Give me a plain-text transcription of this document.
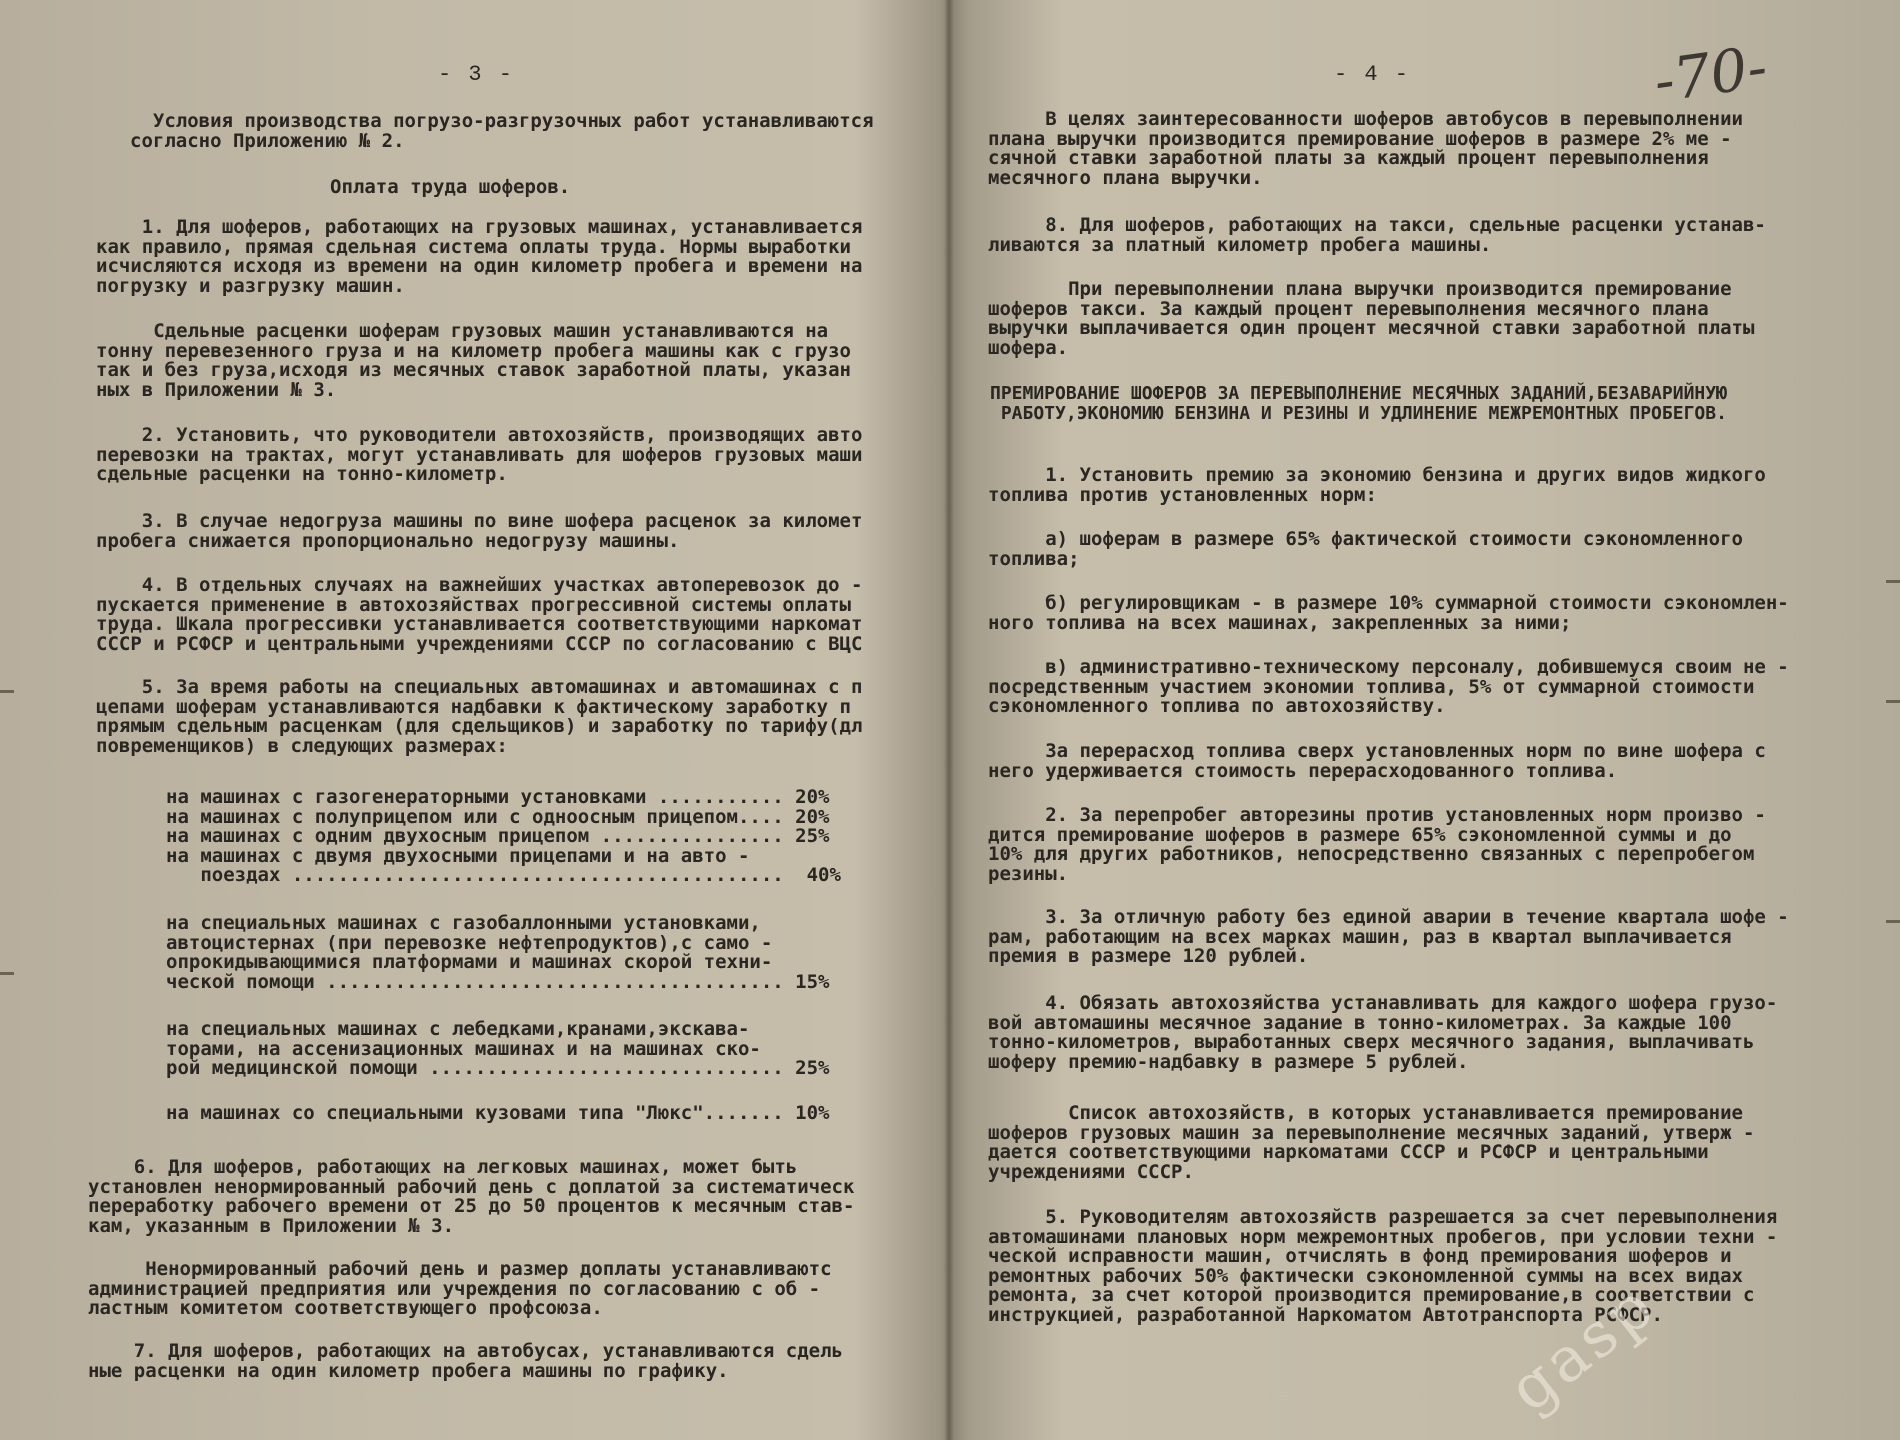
- 3 -
Условия производства погрузо-разгрузочных работ устанавливаются
согласно Приложению № 2.
Оплата труда шоферов.
1. Для шоферов, работающих на грузовых машинах, устанавливается
как правило, прямая сдельная система оплаты труда. Нормы выработки
исчисляются исходя из времени на один километр пробега и времени на
погрузку и разгрузку машин.
Сдельные расценки шоферам грузовых машин устанавливаются на
тонну перевезенного груза и на километр пробега машины как с грузо
так и без груза,исходя из месячных ставок заработной платы, указан
ных в Приложении № 3.
2. Установить, что руководители автохозяйств, производящих авто
перевозки на трактах, могут устанавливать для шоферов грузовых маши
сдельные расценки на тонно-километр.
3. В случае недогруза машины по вине шофера расценок за километ
пробега снижается пропорционально недогрузу машины.
4. В отдельных случаях на важнейших участках автоперевозок до -
пускается применение в автохозяйствах прогрессивной системы оплаты
труда. Шкала прогрессивки устанавливается соответствующими наркомат
СССР и РСФСР и центральными учреждениями СССР по согласованию с ВЦС
5. За время работы на специальных автомашинах и автомашинах с п
цепами шоферам устанавливаются надбавки к фактическому заработку п
прямым сдельным расценкам (для сдельщиков) и заработку по тарифу(дл
повременщиков) в следующих размерах:
на машинах с газогенераторными установками ........... 20%
на машинах с полуприцепом или с одноосным прицепом.... 20%
на машинах с одним двухосным прицепом ................ 25%
на машинах с двумя двухосными прицепами и на авто -
поездах ...........................................  40%
на специальных машинах с газобаллонными установками,
автоцистернах (при перевозке нефтепродуктов),с само -
опрокидывающимися платформами и машинах скорой техни-
ческой помощи ........................................ 15%
на специальных машинах с лебедками,кранами,экскава-
торами, на ассенизационных машинах и на машинах ско-
рой медицинской помощи ............................... 25%
на машинах со специальными кузовами типа "Люкс"....... 10%
6. Для шоферов, работающих на легковых машинах, может быть
установлен ненормированный рабочий день с доплатой за систематическ
переработку рабочего времени от 25 до 50 процентов к месячным став-
кам, указанным в Приложении № 3.
Ненормированный рабочий день и размер доплаты устанавливаютс
администрацией предприятия или учреждения по согласованию с об -
ластным комитетом соответствующего профсоюза.
7. Для шоферов, работающих на автобусах, устанавливаются сдель
ные расценки на один километр пробега машины по графику.
- 4 -	-70-
В целях заинтересованности шоферов автобусов в перевыполнении
плана выручки производится премирование шоферов в размере 2% ме -
сячной ставки заработной платы за каждый процент перевыполнения
месячного плана выручки.
8. Для шоферов, работающих на такси, сдельные расценки устанав-
ливаются за платный километр пробега машины.
При перевыполнении плана выручки производится премирование
шоферов такси. За каждый процент перевыполнения месячного плана
выручки выплачивается один процент месячной ставки заработной платы
шофера.
ПРЕМИРОВАНИЕ ШОФЕРОВ ЗА ПЕРЕВЫПОЛНЕНИЕ МЕСЯЧНЫХ ЗАДАНИЙ,БЕЗАВАРИЙНУЮ
РАБОТУ,ЭКОНОМИЮ БЕНЗИНА И РЕЗИНЫ И УДЛИНЕНИЕ МЕЖРЕМОНТНЫХ ПРОБЕГОВ.
1. Установить премию за экономию бензина и других видов жидкого
топлива против установленных норм:
а) шоферам в размере 65% фактической стоимости сэкономленного
топлива;
б) регулировщикам - в размере 10% суммарной стоимости сэкономлен-
ного топлива на всех машинах, закрепленных за ними;
в) административно-техническому персоналу, добившемуся своим не -
посредственным участием экономии топлива, 5% от суммарной стоимости
сэкономленного топлива по автохозяйству.
За перерасход топлива сверх установленных норм по вине шофера с
него удерживается стоимость перерасходованного топлива.
2. За перепробег авторезины против установленных норм произво -
дится премирование шоферов в размере 65% сэкономленной суммы и до
10% для других работников, непосредственно связанных с перепробегом
резины.
3. За отличную работу без единой аварии в течение квартала шофе -
рам, работающим на всех марках машин, раз в квартал выплачивается
премия в размере 120 рублей.
4. Обязать автохозяйства устанавливать для каждого шофера грузо-
вой автомашины месячное задание в тонно-километрах. За каждые 100
тонно-километров, выработанных сверх месячного задания, выплачивать
шоферу премию-надбавку в размере 5 рублей.
Список автохозяйств, в которых устанавливается премирование
шоферов грузовых машин за перевыполнение месячных заданий, утверж -
дается соответствующими наркоматами СССР и РСФСР и центральными
учреждениями СССР.
5. Руководителям автохозяйств разрешается за счет перевыполнения
автомашинами плановых норм межремонтных пробегов, при условии техни -
ческой исправности машин, отчислять в фонд премирования шоферов и
ремонтных рабочих 50% фактически сэкономленной суммы на всех видах
ремонта, за счет которой производится премирование,в соответствии с
инструкцией, разработанной Наркоматом Автотранспорта РСФСР.
gasp
